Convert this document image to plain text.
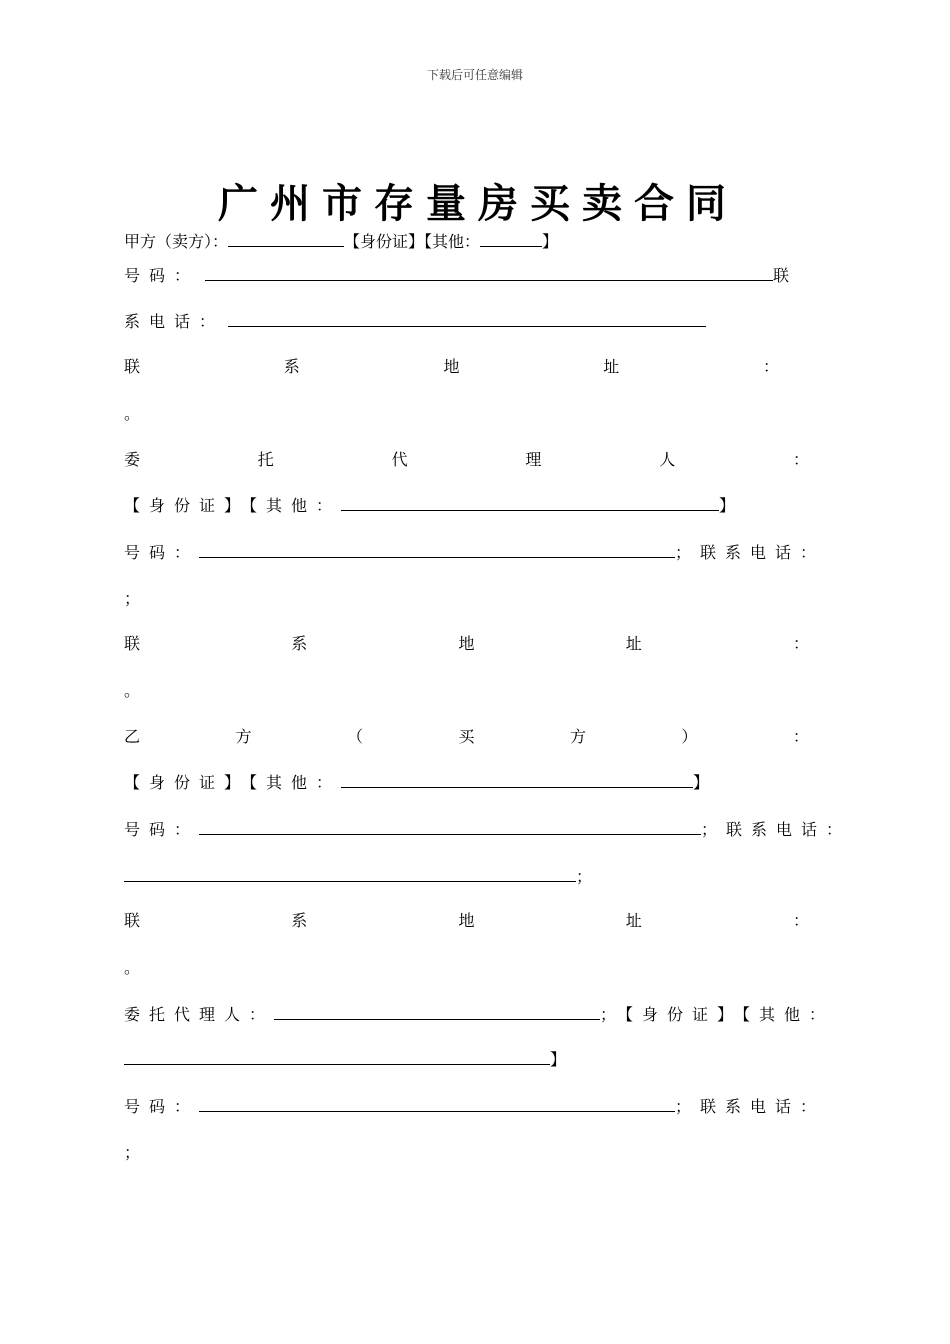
下载后可任意编辑
广州市存量房买卖合同
甲方（卖方）：	【身份证】【其他：	】
号码：	联
系电话：
联	系	地	址	：
。
委	托	代	理	人	：
【身份证】【其他：	】
号码：	；联系电话：
；
联	系	地	址	：
。
乙	方	（	买	方	）	：
【身份证】【其他：	】
号码：	；联系电话：
；
联	系	地	址	：
。
委托代理人：	；【身份证】【其他：
】
号码：	；联系电话：
；
